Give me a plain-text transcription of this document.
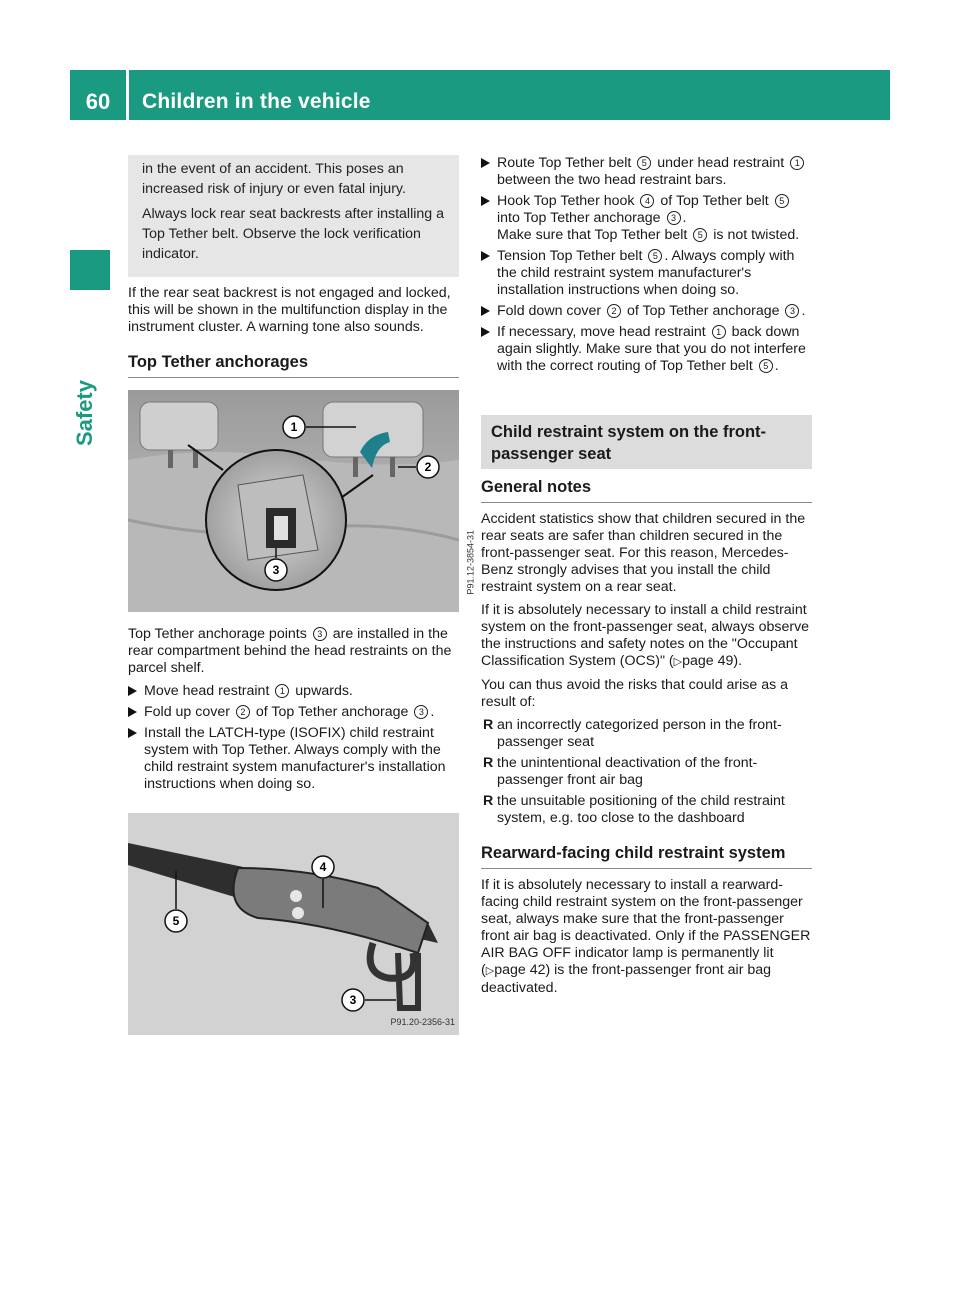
60	Children in the vehicle
Safety

in the event of an accident. This poses an increased risk of injury or even fatal injury.

Always lock rear seat backrests after installing a Top Tether belt. Observe the lock verification indicator.

If the rear seat backrest is not engaged and locked, this will be shown in the multifunction display in the instrument cluster. A warning tone also sounds.

Top Tether anchorages
1
2
3	P91.12-3854-31

Top Tether anchorage points 3 are installed in the rear compartment behind the head restraints on the parcel shelf.

Move head restraint 1 upwards.
Fold up cover 2 of Top Tether anchorage 3 .
Install the LATCH-type (ISOFIX) child restraint system with Top Tether. Always comply with the child restraint system manufacturer's installation instructions when doing so.
5
4
3
P91.20-2356-31
Route Top Tether belt 5 under head restraint 1 between the two head restraint bars.
Hook Top Tether hook 4 of Top Tether belt 5 into Top Tether anchorage 3 .
Make sure that Top Tether belt 5 is not twisted.
Tension Top Tether belt 5 . Always comply with the child restraint system manufacturer's installation instructions when doing so.
Fold down cover 2 of Top Tether anchorage 3 .
If necessary, move head restraint 1 back down again slightly. Make sure that you do not interfere with the correct routing of Top Tether belt 5 .
Child restraint system on the front-passenger seat
General notes

Accident statistics show that children secured in the rear seats are safer than children secured in the front-passenger seat. For this reason, Mercedes-Benz strongly advises that you install the child restraint system on a rear seat.

If it is absolutely necessary to install a child restraint system on the front-passenger seat, always observe the instructions and safety notes on the "Occupant Classification System (OCS)" (▷page 49).

You can thus avoid the risks that could arise as a result of:

R an incorrectly categorized person in the front-passenger seat
R the unintentional deactivation of the front-passenger front air bag
R the unsuitable positioning of the child restraint system, e.g. too close to the dashboard
Rearward-facing child restraint system

If it is absolutely necessary to install a rearward-facing child restraint system on the front-passenger seat, always make sure that the front-passenger front air bag is deactivated. Only if the PASSENGER AIR BAG OFF indicator lamp is permanently lit (▷page 42) is the front-passenger front air bag deactivated.
